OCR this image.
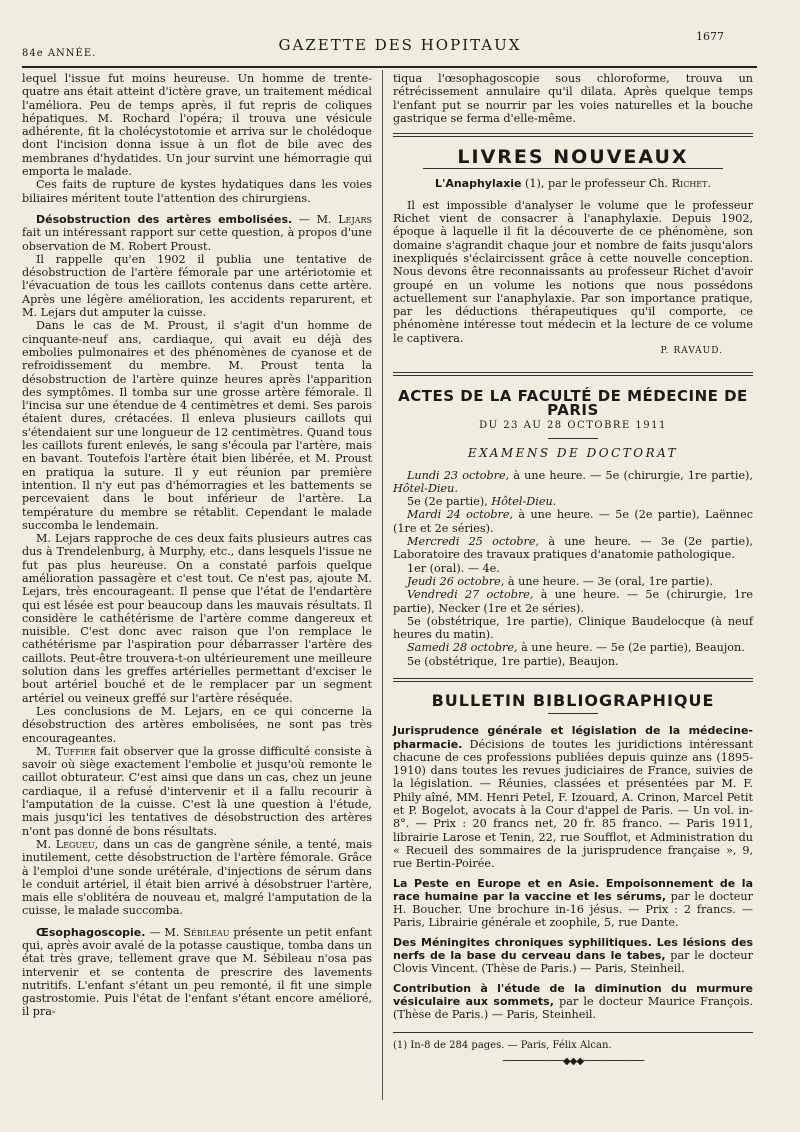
84e ANNÉE.	GAZETTE DES HOPITAUX	1677

lequel l'issue fut moins heureuse. Un homme de trente-quatre ans était atteint d'ictère grave, un traitement médical l'améliora. Peu de temps après, il fut repris de coliques hépatiques. M. Rochard l'opéra; il trouva une vésicule adhérente, fit la cholécystotomie et arriva sur le cholédoque dont l'incision donna issue à un flot de bile avec des membranes d'hydatides. Un jour survint une hémorragie qui emporta le malade.

Ces faits de rupture de kystes hydatiques dans les voies biliaires méritent toute l'attention des chirurgiens.

Désobstruction des artères embolisées. — M. Lejars fait un intéressant rapport sur cette question, à propos d'une observation de M. Robert Proust.

Il rappelle qu'en 1902 il publia une tentative de désobstruction de l'artère fémorale par une artériotomie et l'évacuation de tous les caillots contenus dans cette artère. Après une légère amélioration, les accidents reparurent, et M. Lejars dut amputer la cuisse.

Dans le cas de M. Proust, il s'agit d'un homme de cinquante-neuf ans, cardiaque, qui avait eu déjà des embolies pulmonaires et des phénomènes de cyanose et de refroidissement du membre. M. Proust tenta la désobstruction de l'artère quinze heures après l'apparition des symptômes. Il tomba sur une grosse artère fémorale. Il l'incisa sur une étendue de 4 centimètres et demi. Ses parois étaient dures, crétacées. Il enleva plusieurs caillots qui s'étendaient sur une longueur de 12 centimètres. Quand tous les caillots furent enlevés, le sang s'écoula par l'artère, mais en bavant. Toutefois l'artère était bien libérée, et M. Proust en pratiqua la suture. Il y eut réunion par première intention. Il n'y eut pas d'hémorragies et les battements se percevaient dans le bout inférieur de l'artère. La température du membre se rétablit. Cependant le malade succomba le lendemain.

M. Lejars rapproche de ces deux faits plusieurs autres cas dus à Trendelenburg, à Murphy, etc., dans lesquels l'issue ne fut pas plus heureuse. On a constaté parfois quelque amélioration passagère et c'est tout. Ce n'est pas, ajoute M. Lejars, très encourageant. Il pense que l'état de l'endartère qui est lésée est pour beaucoup dans les mauvais résultats. Il considère le cathétérisme de l'artère comme dangereux et nuisible. C'est donc avec raison que l'on remplace le cathétérisme par l'aspiration pour débarrasser l'artère des caillots. Peut-être trouvera-t-on ultérieurement une meilleure solution dans les greffes artérielles permettant d'exciser le bout artériel bouché et de le remplacer par un segment artériel ou veineux greffé sur l'artère réséquée.

Les conclusions de M. Lejars, en ce qui concerne la désobstruction des artères embolisées, ne sont pas très encourageantes.

M. Tuffier fait observer que la grosse difficulté consiste à savoir où siège exactement l'embolie et jusqu'où remonte le caillot obturateur. C'est ainsi que dans un cas, chez un jeune cardiaque, il a refusé d'intervenir et il a fallu recourir à l'amputation de la cuisse. C'est là une question à l'étude, mais jusqu'ici les tentatives de désobstruction des artères n'ont pas donné de bons résultats.

M. Legueu, dans un cas de gangrène sénile, a tenté, mais inutilement, cette désobstruction de l'artère fémorale. Grâce à l'emploi d'une sonde urétérale, d'injections de sérum dans le conduit artériel, il était bien arrivé à désobstruer l'artère, mais elle s'oblitéra de nouveau et, malgré l'amputation de la cuisse, le malade succomba.

Œsophagoscopie. — M. Sébileau présente un petit enfant qui, après avoir avalé de la potasse caustique, tomba dans un état très grave, tellement grave que M. Sébileau n'osa pas intervenir et se contenta de prescrire des lavements nutritifs. L'enfant s'étant un peu remonté, il fit une simple gastrostomie. Puis l'état de l'enfant s'étant encore amélioré, il pra-

tiqua l'œsophagoscopie sous chloroforme, trouva un rétrécissement annulaire qu'il dilata. Après quelque temps l'enfant put se nourrir par les voies naturelles et la bouche gastrique se ferma d'elle-même.

LIVRES NOUVEAUX

L'Anaphylaxie (1), par le professeur Ch. Richet.

Il est impossible d'analyser le volume que le professeur Richet vient de consacrer à l'anaphylaxie. Depuis 1902, époque à laquelle il fit la découverte de ce phénomène, son domaine s'agrandit chaque jour et nombre de faits jusqu'alors inexpliqués s'éclaircissent grâce à cette nouvelle conception. Nous devons être reconnaissants au professeur Richet d'avoir groupé en un volume les notions que nous possédons actuellement sur l'anaphylaxie. Par son importance pratique, par les déductions thérapeutiques qu'il comporte, ce phénomène intéresse tout médecin et la lecture de ce volume le captivera.

P. RAVAUD.
ACTES DE LA FACULTÉ DE MÉDECINE DE PARIS
DU 23 AU 28 OCTOBRE 1911
EXAMENS DE DOCTORAT

Lundi 23 octobre, à une heure. — 5e (chirurgie, 1re partie), Hôtel-Dieu.

5e (2e partie), Hôtel-Dieu.

Mardi 24 octobre, à une heure. — 5e (2e partie), Laënnec (1re et 2e séries).

Mercredi 25 octobre, à une heure. — 3e (2e partie), Laboratoire des travaux pratiques d'anatomie pathologique.

1er (oral). — 4e.

Jeudi 26 octobre, à une heure. — 3e (oral, 1re partie).

Vendredi 27 octobre, à une heure. — 5e (chirurgie, 1re partie), Necker (1re et 2e séries).

5e (obstétrique, 1re partie), Clinique Baudelocque (à neuf heures du matin).

Samedi 28 octobre, à une heure. — 5e (2e partie), Beaujon.

5e (obstétrique, 1re partie), Beaujon.

BULLETIN BIBLIOGRAPHIQUE

Jurisprudence générale et législation de la médecine-pharmacie. Décisions de toutes les juridictions intéressant chacune de ces professions publiées depuis quinze ans (1895-1910) dans toutes les revues judiciaires de France, suivies de la législation. — Réunies, classées et présentées par M. F. Phily aîné, MM. Henri Petel, F. Izouard, A. Crinon, Marcel Petit et P. Bogelot, avocats à la Cour d'appel de Paris. — Un vol. in-8°. — Prix : 20 francs net, 20 fr. 85 franco. — Paris 1911, librairie Larose et Tenin, 22, rue Soufflot, et Administration du « Recueil des sommaires de la jurisprudence française », 9, rue Bertin-Poirée.

La Peste en Europe et en Asie. Empoisonnement de la race humaine par la vaccine et les sérums, par le docteur H. Boucher. Une brochure in-16 jésus. — Prix : 2 francs. — Paris, Librairie générale et zoophile, 5, rue Dante.

Des Méningites chroniques syphilitiques. Les lésions des nerfs de la base du cerveau dans le tabes, par le docteur Clovis Vincent. (Thèse de Paris.) — Paris, Steinheil.

Contribution à l'étude de la diminution du murmure vésiculaire aux sommets, par le docteur Maurice François. (Thèse de Paris.) — Paris, Steinheil.

(1) In-8 de 284 pages. — Paris, Félix Alcan.
────────────◆◆◆────────────
